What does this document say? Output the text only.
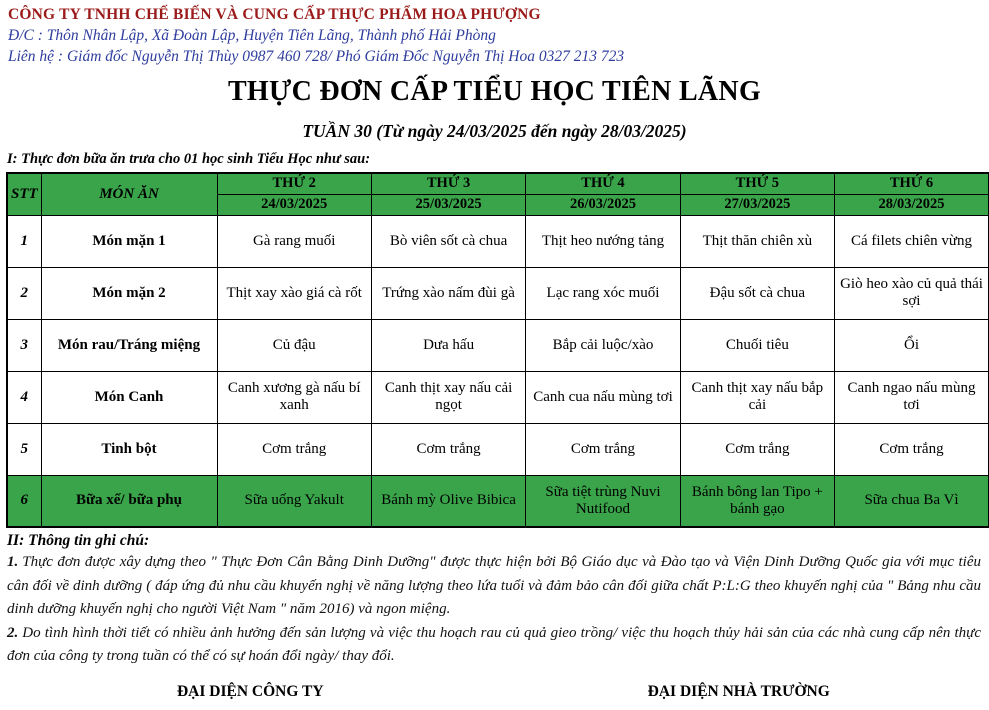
CÔNG TY TNHH CHẾ BIẾN VÀ CUNG CẤP THỰC PHẨM HOA PHƯỢNG
Đ/C : Thôn Nhân Lập, Xã Đoàn Lập, Huyện Tiên Lãng, Thành phố Hải Phòng
Liên hệ : Giám đốc Nguyễn Thị Thùy 0987 460 728/ Phó Giám Đốc Nguyễn Thị Hoa 0327 213 723
THỰC ĐƠN CẤP TIỂU HỌC TIÊN LÃNG
TUẦN 30 (Từ ngày 24/03/2025 đến ngày 28/03/2025)
I: Thực đơn bữa ăn trưa cho 01 học sinh Tiểu Học như sau:
STT	MÓN ĂN	THỨ 2	THỨ 3	THỨ 4	THỨ 5	THỨ 6
		24/03/2025	25/03/2025	26/03/2025	27/03/2025	28/03/2025
1	Món mặn 1	Gà rang muối	Bò viên sốt cà chua	Thịt heo nướng tảng	Thịt thăn chiên xù	Cá filets chiên vừng
2	Món mặn 2	Thịt xay xào giá cà rốt	Trứng xào nấm đùi gà	Lạc rang xóc muối	Đậu sốt cà chua	Giò heo xào củ quả thái sợi
3	Món rau/Tráng miệng	Củ đậu	Dưa hấu	Bắp cải luộc/xào	Chuối tiêu	Ổi
4	Món Canh	Canh xương gà nấu bí xanh	Canh thịt xay nấu cải ngọt	Canh cua nấu mùng tơi	Canh thịt xay nấu bắp cải	Canh ngao nấu mùng tơi
5	Tinh bột	Cơm trắng	Cơm trắng	Cơm trắng	Cơm trắng	Cơm trắng
6	Bữa xế/ bữa phụ	Sữa uống Yakult	Bánh mỳ Olive Bibica	Sữa tiệt trùng Nuvi Nutifood	Bánh bông lan Tipo + bánh gạo	Sữa chua Ba Vì
II: Thông tin ghi chú:
1. Thực đơn được xây dựng theo " Thực Đơn Cân Bằng Dinh Dưỡng" được thực hiện bởi Bộ Giáo dục và Đào tạo và Viện Dinh Dưỡng Quốc gia với mục tiêu cân đối về dinh dưỡng ( đáp ứng đủ nhu cầu khuyến nghị về năng lượng theo lứa tuổi và đảm bảo cân đối giữa chất P:L:G theo khuyến nghị của " Bảng nhu cầu dinh dưỡng khuyến nghị cho người Việt Nam " năm 2016) và ngon miệng.
2. Do tình hình thời tiết có nhiều ảnh hưởng đến sản lượng và việc thu hoạch rau củ quả gieo trồng/ việc thu hoạch thủy hải sản của các nhà cung cấp nên thực đơn của công ty trong tuần có thể có sự hoán đổi ngày/ thay đổi.
ĐẠI DIỆN CÔNG TY	ĐẠI DIỆN NHÀ TRƯỜNG
